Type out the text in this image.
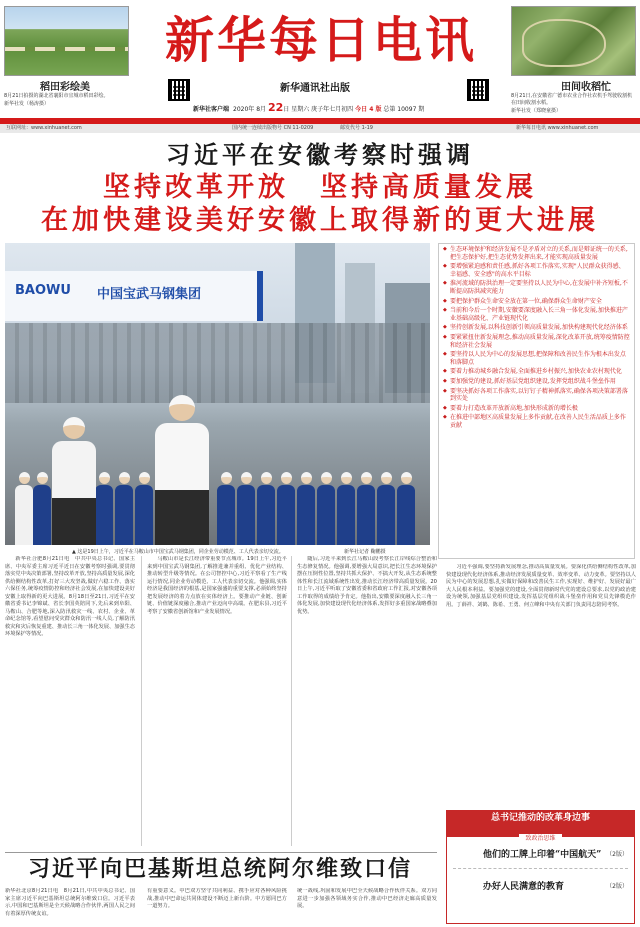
稻田彩绘美
8月21日拍摄的湖北省襄阳市宜城市稻田彩绘。
新华社发（杨涛摄）
新华每日电讯
新华通讯社出版
新华社客户端 2020年 8月 22日 星期六 庚子年七月初四 今日 4 版 总第 10097 期
田间收稻忙
8月21日,在安徽省广德市农业合作社农机手驾驶收割机在田间收割水稻。
新华社发（郑晓童摄）
互联网址：www.xinhuanet.com	国内统一连续出版物号 CN 11-0209	邮发代号 1-19	新华每日电讯 www.xinhuanet.com
习近平在安徽考察时强调
坚持改革开放　坚持高质量发展
在加快建设美好安徽上取得新的更大进展
BAOWU 中国宝武马钢集团
▲ 这是19日上午，习近平在马鞍山市中国宝武马钢集团，同企业劳动模范、工人代表亲切交流。	新华社记者 鞠鹏摄
◆ 生态环境保护和经济发展不是矛盾对立的关系,而是辩证统一的关系,把生态保护好,把生态优势发挥出来,才能实现高质量发展
◆ 要增强紧迫感和责任感,抓好各项工作落实,实现"人民群众获得感、幸福感、安全感"的高水平目标
◆ 淮河流域的防洪治理一定要坚持以人民为中心,在发展中补齐短板,不断提高防洪减灾能力
◆ 要把保护群众生命安全放在第一位,确保群众生命财产安全
◆ 当前和今后一个时期,安徽要深度融入长三角一体化发展,加快推进产业基础高级化、产业链现代化
◆ 坚持创新发展,以科技创新引领高质量发展,加快构建现代化经济体系
◆ 要紧紧扭住新发展理念,推动高质量发展,深化改革开放,统筹疫情防控和经济社会发展
◆ 要坚持以人民为中心的发展思想,把保障和改善民生作为根本出发点和落脚点
◆ 要着力推动城乡融合发展,全面推进乡村振兴,加快农业农村现代化
◆ 要加强党的建设,抓好基层党组织建设,发挥党组织战斗堡垒作用
◆ 要坚决抓好各项工作落实,以钉钉子精神抓落实,确保各项决策部署落到实处
◆ 要着力打造改革开放新高地,加快形成新的增长极
◆ 在推进中部地区高质量发展上多作贡献,在改善人民生活品质上多作贡献

新华社合肥8月21日电　中共中央总书记、国家主席、中央军委主席习近平近日在安徽考察时强调,要贯彻落实党中央决策部署,坚持改革开放,坚持高质量发展,深化供给侧结构性改革,打好三大攻坚战,做好六稳工作、落实六保任务,统筹疫情防控和经济社会发展,在加快建设美好安徽上取得新的更大进展。8月18日至21日,习近平在安徽省委书记李锦斌、省长李国英陪同下,先后来到阜阳、马鞍山、合肥等地,深入防汛救灾一线、农村、企业、革命纪念馆等,看望慰问受灾群众和防汛一线人员,了解防汛救灾和灾后恢复重建、推动长三角一体化发展、加强生态环境保护等情况。

马鞍山市是长江经济带重要节点城市。19日上午,习近平来到中国宝武马钢集团,了解推进兼并重组、优化产业结构、推动转型升级等情况。在公司智控中心,习近平察看了生产线运行情况,同企业劳动模范、工人代表亲切交流。他强调,实体经济是我国经济的根基,是国家强盛的重要支撑,必须始终坚持把发展经济的着力点放在实体经济上。要推动产业链、创新链、价值链深度融合,推动产业迈向中高端。在肥东县,习近平考察了安徽省创新馆和产业发展情况。

随后,习近平来到长江马鞍山段考察长江岸线综合整治和生态修复情况。他强调,要增强大局意识,把长江生态环境保护摆在压倒性位置,坚持共抓大保护、不搞大开发,从生态系统整体性和长江流域系统性出发,推动长江经济带高质量发展。20日上午,习近平听取了安徽省委和省政府工作汇报,对安徽各项工作取得的成绩给予肯定。他指出,安徽要深度融入长三角一体化发展,加快建设现代化经济体系,发挥好多重国家战略叠加优势。

习近平强调,要坚持新发展理念,推动高质量发展。要深化供给侧结构性改革,加快建设现代化经济体系,推动经济发展质量变革、效率变革、动力变革。要坚持以人民为中心的发展思想,扎实做好保障和改善民生工作,实现好、维护好、发展好最广大人民根本利益。要加强党的建设,全面贯彻新时代党的建设总要求,以党的政治建设为统领,加强基层党组织建设,发挥基层党组织战斗堡垒作用和党员先锋模范作用。丁薛祥、刘鹤、陈希、王勇、何立峰和中央有关部门负责同志陪同考察。

习近平向巴基斯坦总统阿尔维致口信
新华社北京8月21日电　8月21日,中共中央总书记、国家主席习近平向巴基斯坦总统阿尔维致口信。习近平表示,中国和巴基斯坦是全天候战略合作伙伴,两国人民之间有着深厚传统友谊。
有重要意义。中巴双方坚守共同利益、携手应对各种风险挑战,推动中巴命运共同体建设不断迈上新台阶。中方愿同巴方一道努力。
统一战线,巩固和发展中巴全天候战略合作伙伴关系。双方同意进一步加强各领域务实合作,推动中巴经济走廊高质量发展。
总书记推动的改革身边事
致政治思维
他们的工牌上印着“中国航天” （2版）
办好人民满意的教育	（2版）
